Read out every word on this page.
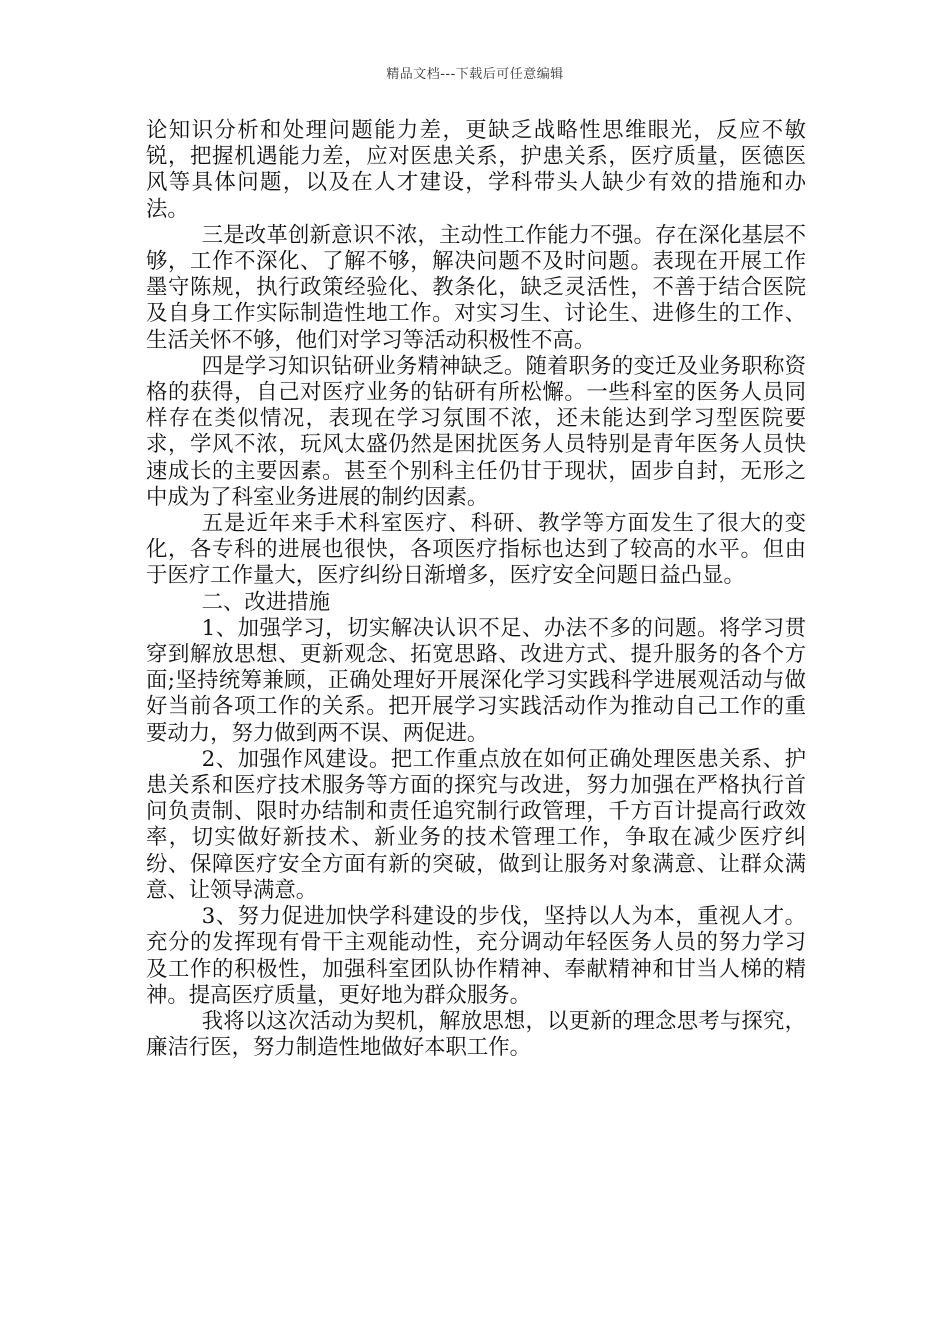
精品文档---下载后可任意编辑

论知识分析和处理问题能力差，更缺乏战略性思维眼光，反应不敏锐，把握机遇能力差，应对医患关系，护患关系，医疗质量，医德医风等具体问题，以及在人才建设，学科带头人缺少有效的措施和办法。

三是改革创新意识不浓，主动性工作能力不强。存在深化基层不够，工作不深化、了解不够，解决问题不及时问题。表现在开展工作墨守陈规，执行政策经验化、教条化，缺乏灵活性，不善于结合医院及自身工作实际制造性地工作。对实习生、讨论生、进修生的工作、生活关怀不够，他们对学习等活动积极性不高。

四是学习知识钻研业务精神缺乏。随着职务的变迁及业务职称资格的获得，自己对医疗业务的钻研有所松懈。一些科室的医务人员同样存在类似情况，表现在学习氛围不浓，还未能达到学习型医院要求，学风不浓，玩风太盛仍然是困扰医务人员特别是青年医务人员快速成长的主要因素。甚至个别科主任仍甘于现状，固步自封，无形之中成为了科室业务进展的制约因素。

五是近年来手术科室医疗、科研、教学等方面发生了很大的变化，各专科的进展也很快，各项医疗指标也达到了较高的水平。但由于医疗工作量大，医疗纠纷日渐增多，医疗安全问题日益凸显。

二、改进措施

1、加强学习，切实解决认识不足、办法不多的问题。将学习贯穿到解放思想、更新观念、拓宽思路、改进方式、提升服务的各个方面;坚持统筹兼顾，正确处理好开展深化学习实践科学进展观活动与做好当前各项工作的关系。把开展学习实践活动作为推动自己工作的重要动力，努力做到两不误、两促进。

2、加强作风建设。把工作重点放在如何正确处理医患关系、护患关系和医疗技术服务等方面的探究与改进，努力加强在严格执行首问负责制、限时办结制和责任追究制行政管理，千方百计提高行政效率，切实做好新技术、新业务的技术管理工作，争取在减少医疗纠纷、保障医疗安全方面有新的突破，做到让服务对象满意、让群众满意、让领导满意。

3、努力促进加快学科建设的步伐，坚持以人为本，重视人才。充分的发挥现有骨干主观能动性，充分调动年轻医务人员的努力学习及工作的积极性，加强科室团队协作精神、奉献精神和甘当人梯的精神。提高医疗质量，更好地为群众服务。

我将以这次活动为契机，解放思想，以更新的理念思考与探究，廉洁行医，努力制造性地做好本职工作。
